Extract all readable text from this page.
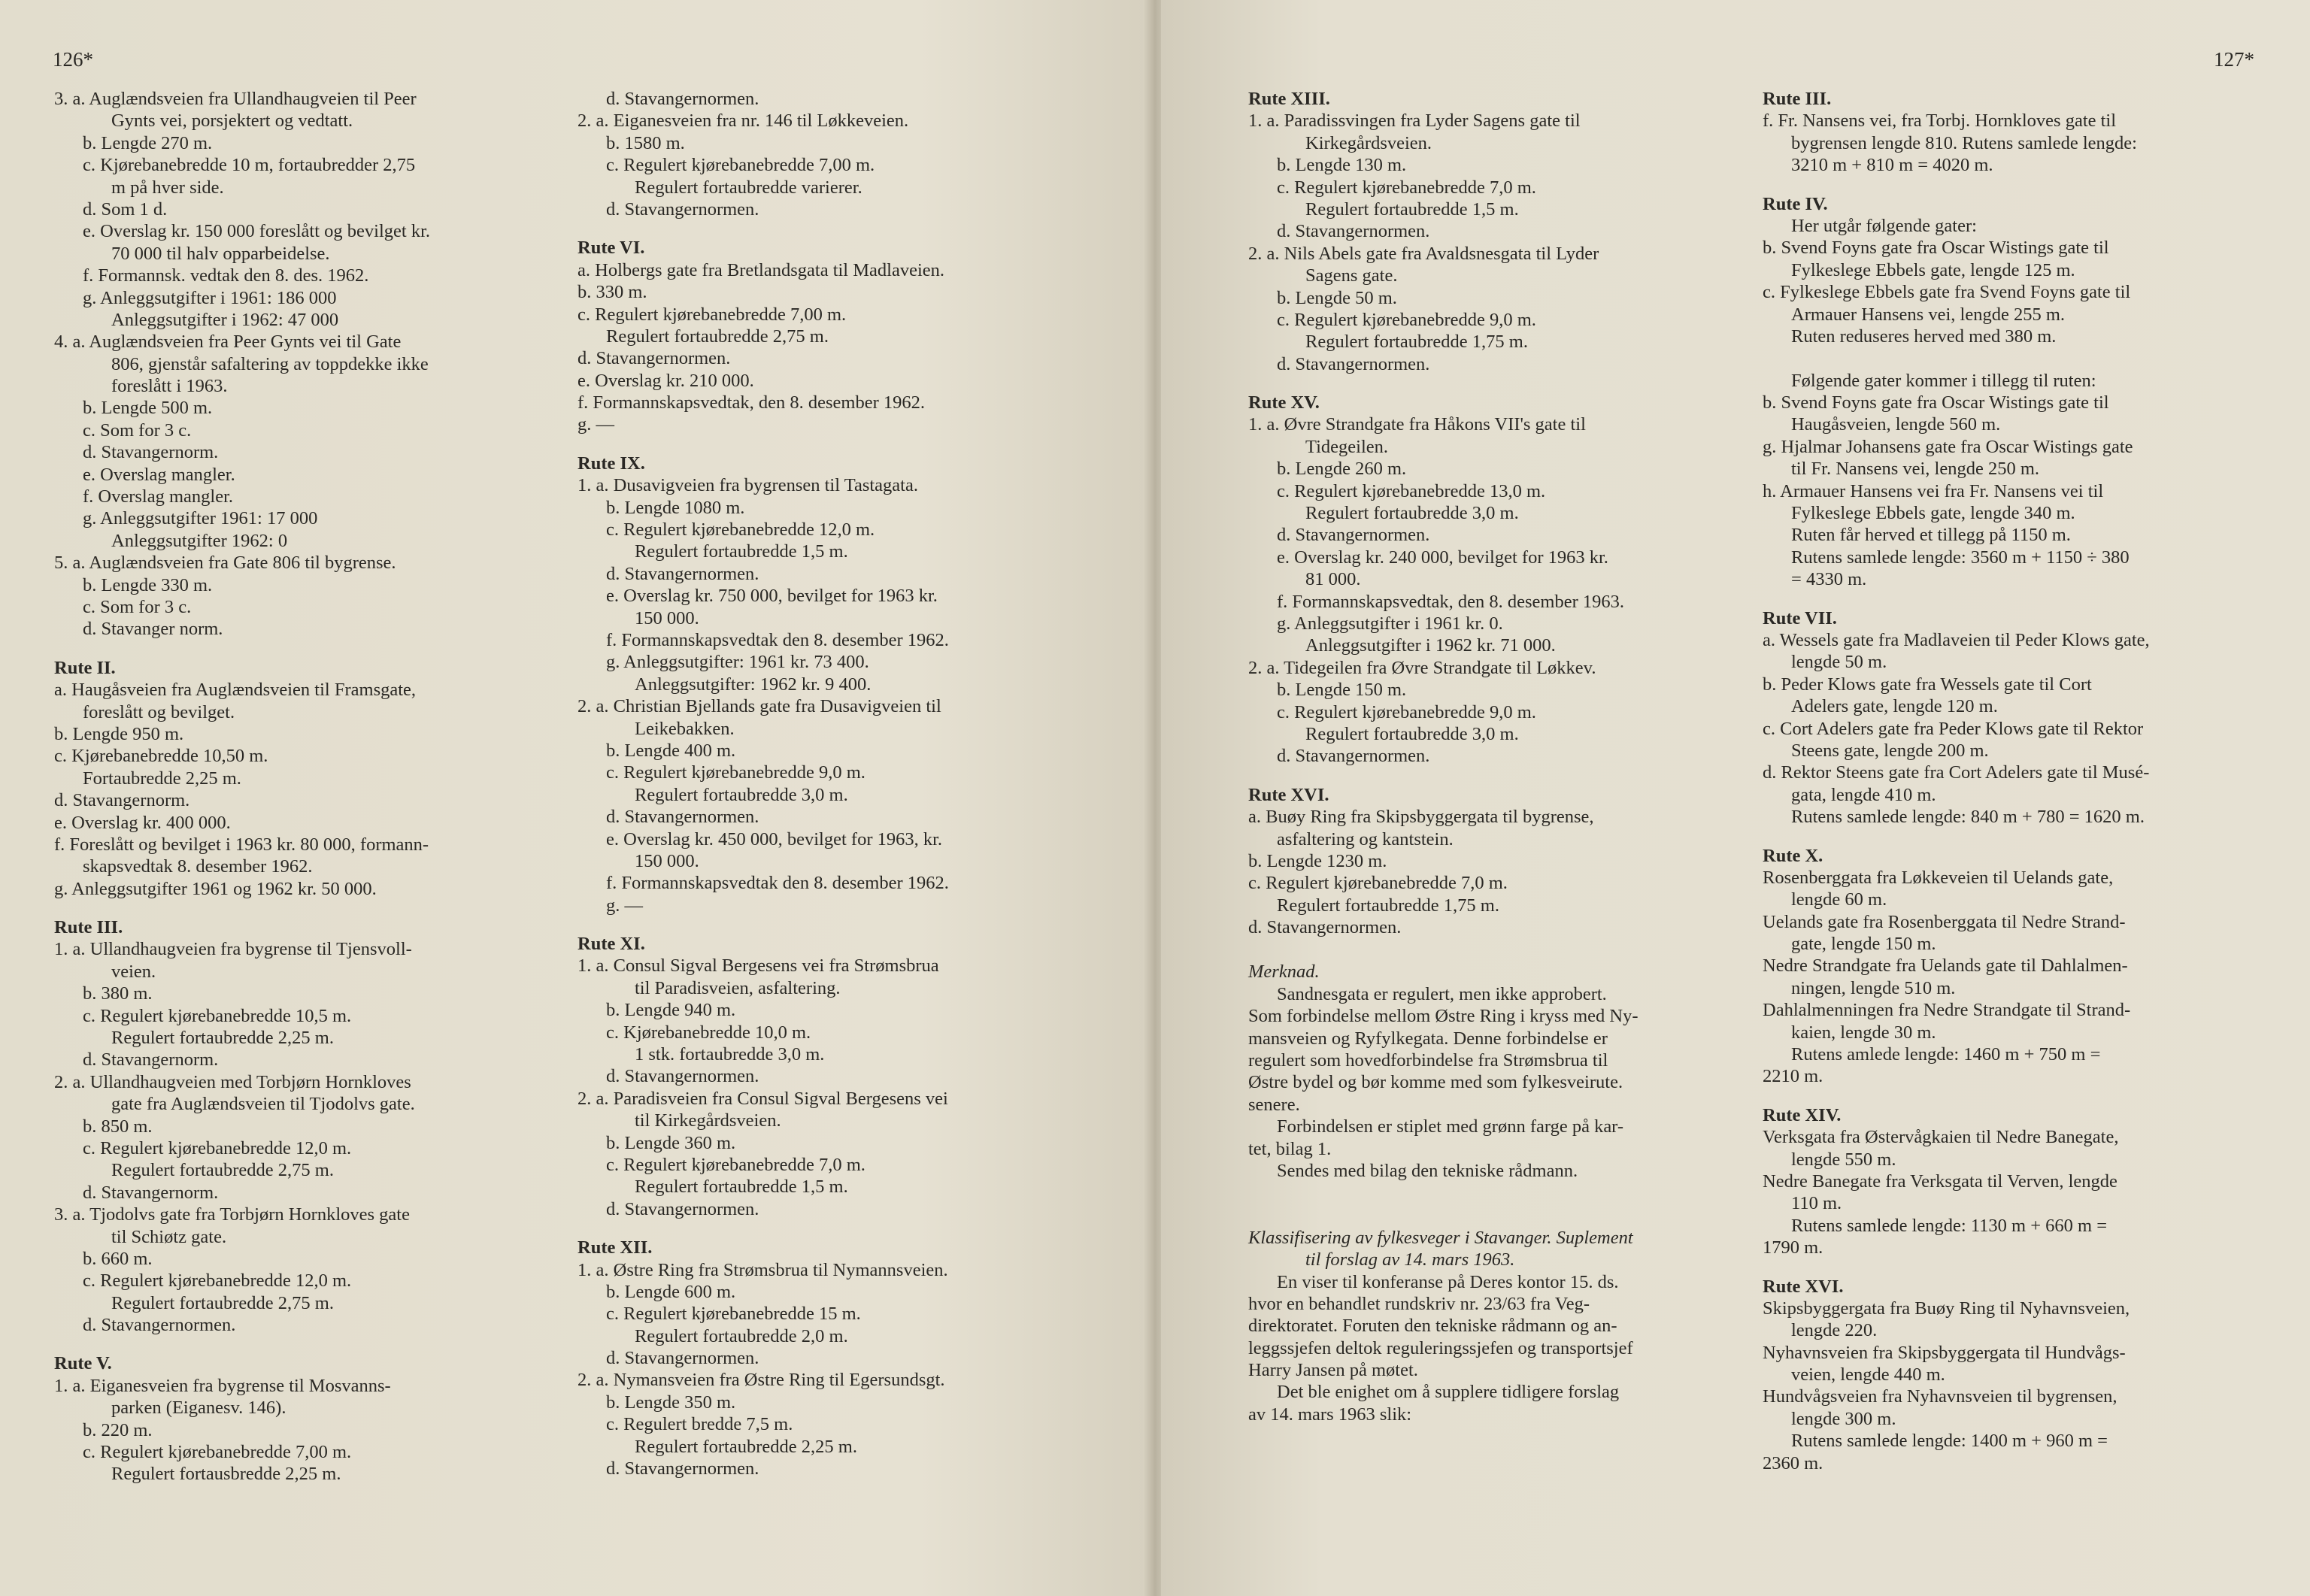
126*
3. a. Auglændsveien fra Ullandhaugveien til Peer
Gynts vei, porsjektert og vedtatt.
b. Lengde 270 m.
c. Kjørebanebredde 10 m, fortaubredder 2,75
m på hver side.
d. Som 1 d.
e. Overslag kr. 150 000 foreslått og bevilget kr.
70 000 til halv opparbeidelse.
f. Formannsk. vedtak den 8. des. 1962.
g. Anleggsutgifter i 1961: 186 000
Anleggsutgifter i 1962: 47 000
4. a. Auglændsveien fra Peer Gynts vei til Gate
806, gjenstår safaltering av toppdekke ikke
foreslått i 1963.
b. Lengde 500 m.
c. Som for 3 c.
d. Stavangernorm.
e. Overslag mangler.
f. Overslag mangler.
g. Anleggsutgifter 1961: 17 000
Anleggsutgifter 1962: 0
5. a. Auglændsveien fra Gate 806 til bygrense.
b. Lengde 330 m.
c. Som for 3 c.
d. Stavanger norm.
Rute II.
a. Haugåsveien fra Auglændsveien til Framsgate,
foreslått og bevilget.
b. Lengde 950 m.
c. Kjørebanebredde 10,50 m.
Fortaubredde 2,25 m.
d. Stavangernorm.
e. Overslag kr. 400 000.
f. Foreslått og bevilget i 1963 kr. 80 000, formann-
skapsvedtak 8. desember 1962.
g. Anleggsutgifter 1961 og 1962 kr. 50 000.
Rute III.
1. a. Ullandhaugveien fra bygrense til Tjensvoll-
veien.
b. 380 m.
c. Regulert kjørebanebredde 10,5 m.
Regulert fortaubredde 2,25 m.
d. Stavangernorm.
2. a. Ullandhaugveien med Torbjørn Hornkloves
gate fra Auglændsveien til Tjodolvs gate.
b. 850 m.
c. Regulert kjørebanebredde 12,0 m.
Regulert fortaubredde 2,75 m.
d. Stavangernorm.
3. a. Tjodolvs gate fra Torbjørn Hornkloves gate
til Schiøtz gate.
b. 660 m.
c. Regulert kjørebanebredde 12,0 m.
Regulert fortaubredde 2,75 m.
d. Stavangernormen.
Rute V.
1. a. Eiganesveien fra bygrense til Mosvanns-
parken (Eiganesv. 146).
b. 220 m.
c. Regulert kjørebanebredde 7,00 m.
Regulert fortausbredde 2,25 m.
d. Stavangernormen.
2. a. Eiganesveien fra nr. 146 til Løkkeveien.
b. 1580 m.
c. Regulert kjørebanebredde 7,00 m.
Regulert fortaubredde varierer.
d. Stavangernormen.
Rute VI.
a. Holbergs gate fra Bretlandsgata til Madlaveien.
b. 330 m.
c. Regulert kjørebanebredde 7,00 m.
Regulert fortaubredde 2,75 m.
d. Stavangernormen.
e. Overslag kr. 210 000.
f. Formannskapsvedtak, den 8. desember 1962.
g. —
Rute IX.
1. a. Dusavigveien fra bygrensen til Tastagata.
b. Lengde 1080 m.
c. Regulert kjørebanebredde 12,0 m.
Regulert fortaubredde 1,5 m.
d. Stavangernormen.
e. Overslag kr. 750 000, bevilget for 1963 kr.
150 000.
f. Formannskapsvedtak den 8. desember 1962.
g. Anleggsutgifter: 1961 kr. 73 400.
Anleggsutgifter: 1962 kr. 9 400.
2. a. Christian Bjellands gate fra Dusavigveien til
Leikebakken.
b. Lengde 400 m.
c. Regulert kjørebanebredde 9,0 m.
Regulert fortaubredde 3,0 m.
d. Stavangernormen.
e. Overslag kr. 450 000, bevilget for 1963, kr.
150 000.
f. Formannskapsvedtak den 8. desember 1962.
g. —
Rute XI.
1. a. Consul Sigval Bergesens vei fra Strømsbrua
til Paradisveien, asfaltering.
b. Lengde 940 m.
c. Kjørebanebredde 10,0 m.
1 stk. fortaubredde 3,0 m.
d. Stavangernormen.
2. a. Paradisveien fra Consul Sigval Bergesens vei
til Kirkegårdsveien.
b. Lengde 360 m.
c. Regulert kjørebanebredde 7,0 m.
Regulert fortaubredde 1,5 m.
d. Stavangernormen.
Rute XII.
1. a. Østre Ring fra Strømsbrua til Nymannsveien.
b. Lengde 600 m.
c. Regulert kjørebanebredde 15 m.
Regulert fortaubredde 2,0 m.
d. Stavangernormen.
2. a. Nymansveien fra Østre Ring til Egersundsgt.
b. Lengde 350 m.
c. Regulert bredde 7,5 m.
Regulert fortaubredde 2,25 m.
d. Stavangernormen.
127*
Rute XIII.
1. a. Paradissvingen fra Lyder Sagens gate til
Kirkegårdsveien.
b. Lengde 130 m.
c. Regulert kjørebanebredde 7,0 m.
Regulert fortaubredde 1,5 m.
d. Stavangernormen.
2. a. Nils Abels gate fra Avaldsnesgata til Lyder
Sagens gate.
b. Lengde 50 m.
c. Regulert kjørebanebredde 9,0 m.
Regulert fortaubredde 1,75 m.
d. Stavangernormen.
Rute XV.
1. a. Øvre Strandgate fra Håkons VII's gate til
Tidegeilen.
b. Lengde 260 m.
c. Regulert kjørebanebredde 13,0 m.
Regulert fortaubredde 3,0 m.
d. Stavangernormen.
e. Overslag kr. 240 000, bevilget for 1963 kr.
81 000.
f. Formannskapsvedtak, den 8. desember 1963.
g. Anleggsutgifter i 1961 kr. 0.
Anleggsutgifter i 1962 kr. 71 000.
2. a. Tidegeilen fra Øvre Strandgate til Løkkev.
b. Lengde 150 m.
c. Regulert kjørebanebredde 9,0 m.
Regulert fortaubredde 3,0 m.
d. Stavangernormen.
Rute XVI.
a. Buøy Ring fra Skipsbyggergata til bygrense,
asfaltering og kantstein.
b. Lengde 1230 m.
c. Regulert kjørebanebredde 7,0 m.
Regulert fortaubredde 1,75 m.
d. Stavangernormen.
Merknad.
Sandnesgata er regulert, men ikke approbert.
Som forbindelse mellom Østre Ring i kryss med Ny-
mansveien og Ryfylkegata. Denne forbindelse er
regulert som hovedforbindelse fra Strømsbrua til
Østre bydel og bør komme med som fylkesveirute.
senere.
Forbindelsen er stiplet med grønn farge på kar-
tet, bilag 1.
Sendes med bilag den tekniske rådmann.
Klassifisering av fylkesveger i Stavanger. Suplement
til forslag av 14. mars 1963.
En viser til konferanse på Deres kontor 15. ds.
hvor en behandlet rundskriv nr. 23/63 fra Veg-
direktoratet. Foruten den tekniske rådmann og an-
leggssjefen deltok reguleringssjefen og transportsjef
Harry Jansen på møtet.
Det ble enighet om å supplere tidligere forslag
av 14. mars 1963 slik:
Rute III.
f. Fr. Nansens vei, fra Torbj. Hornkloves gate til
bygrensen lengde 810. Rutens samlede lengde:
3210 m + 810 m = 4020 m.
Rute IV.
Her utgår følgende gater:
b. Svend Foyns gate fra Oscar Wistings gate til
Fylkeslege Ebbels gate, lengde 125 m.
c. Fylkeslege Ebbels gate fra Svend Foyns gate til
Armauer Hansens vei, lengde 255 m.
Ruten reduseres herved med 380 m.
Følgende gater kommer i tillegg til ruten:
b. Svend Foyns gate fra Oscar Wistings gate til
Haugåsveien, lengde 560 m.
g. Hjalmar Johansens gate fra Oscar Wistings gate
til Fr. Nansens vei, lengde 250 m.
h. Armauer Hansens vei fra Fr. Nansens vei til
Fylkeslege Ebbels gate, lengde 340 m.
Ruten får herved et tillegg på 1150 m.
Rutens samlede lengde: 3560 m + 1150 ÷ 380
= 4330 m.
Rute VII.
a. Wessels gate fra Madlaveien til Peder Klows gate,
lengde 50 m.
b. Peder Klows gate fra Wessels gate til Cort
Adelers gate, lengde 120 m.
c. Cort Adelers gate fra Peder Klows gate til Rektor
Steens gate, lengde 200 m.
d. Rektor Steens gate fra Cort Adelers gate til Musé-
gata, lengde 410 m.
Rutens samlede lengde: 840 m + 780 = 1620 m.
Rute X.
Rosenberggata fra Løkkeveien til Uelands gate,
lengde 60 m.
Uelands gate fra Rosenberggata til Nedre Strand-
gate, lengde 150 m.
Nedre Strandgate fra Uelands gate til Dahlalmen-
ningen, lengde 510 m.
Dahlalmenningen fra Nedre Strandgate til Strand-
kaien, lengde 30 m.
Rutens amlede lengde: 1460 m + 750 m =
2210 m.
Rute XIV.
Verksgata fra Østervågkaien til Nedre Banegate,
lengde 550 m.
Nedre Banegate fra Verksgata til Verven, lengde
110 m.
Rutens samlede lengde: 1130 m + 660 m =
1790 m.
Rute XVI.
Skipsbyggergata fra Buøy Ring til Nyhavnsveien,
lengde 220.
Nyhavnsveien fra Skipsbyggergata til Hundvågs-
veien, lengde 440 m.
Hundvågsveien fra Nyhavnsveien til bygrensen,
lengde 300 m.
Rutens samlede lengde: 1400 m + 960 m =
2360 m.
